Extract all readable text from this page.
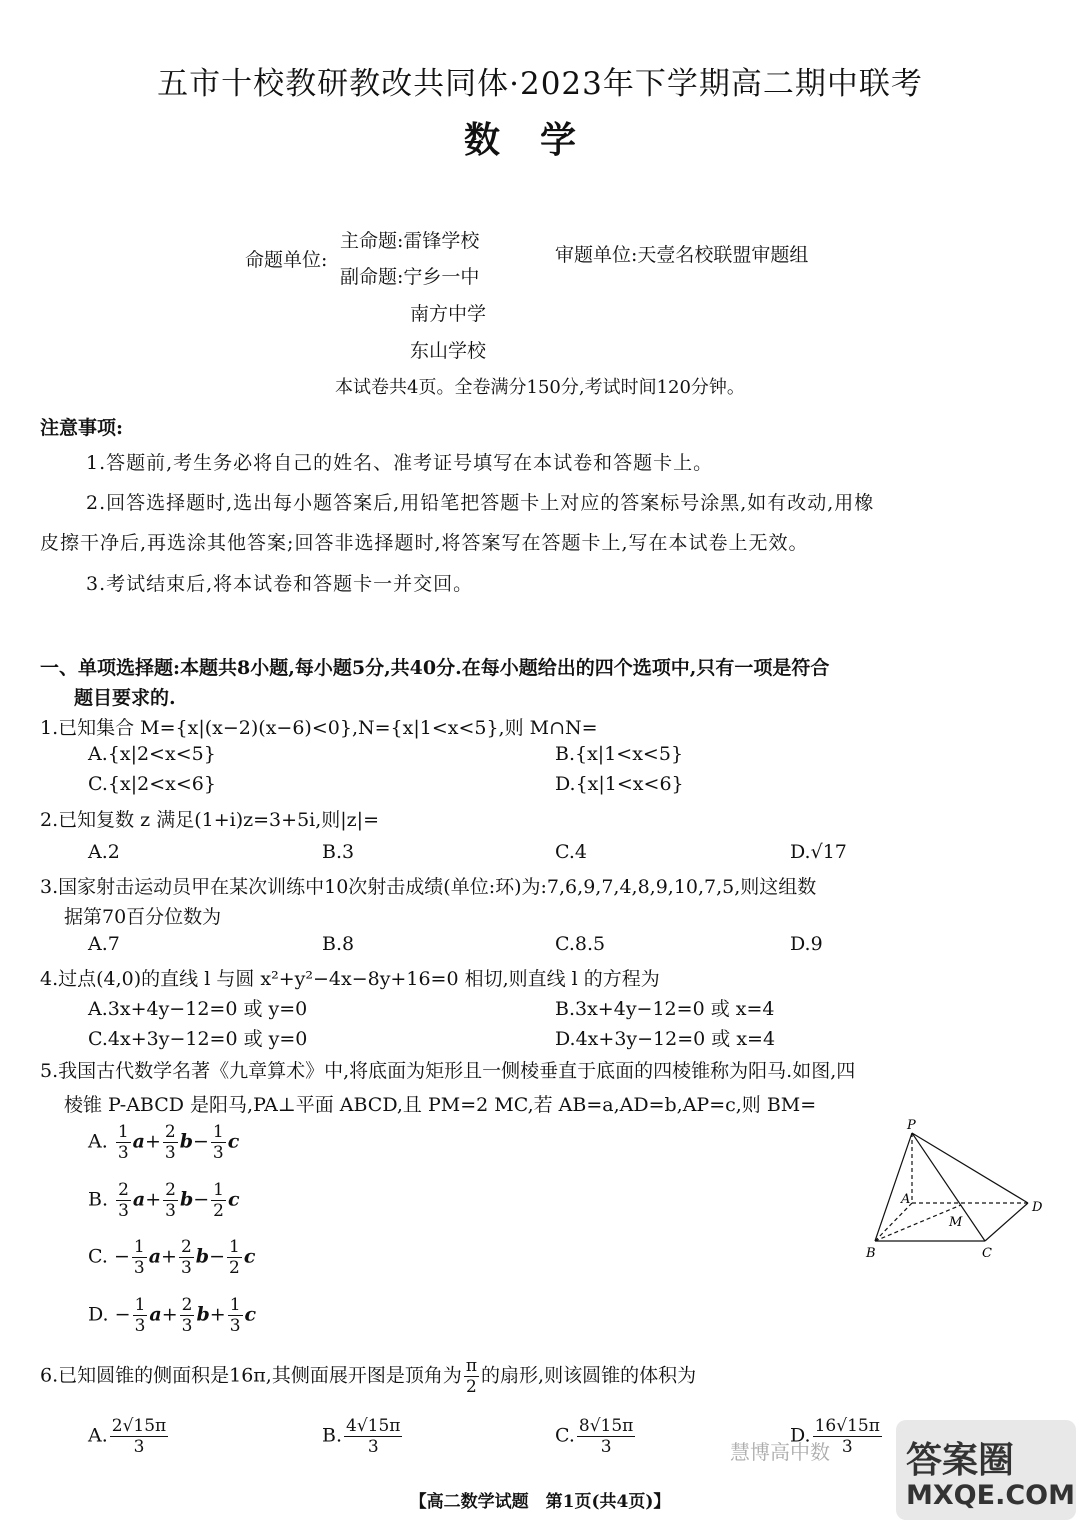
五市十校教研教改共同体·2023年下学期高二期中联考
数学
命题单位:
主命题:雷锋学校
副命题:宁乡一中
南方中学
东山学校
审题单位:天壹名校联盟审题组
本试卷共4页。全卷满分150分,考试时间120分钟。
注意事项:
1.答题前,考生务必将自己的姓名、准考证号填写在本试卷和答题卡上。
2.回答选择题时,选出每小题答案后,用铅笔把答题卡上对应的答案标号涂黑,如有改动,用橡
皮擦干净后,再选涂其他答案;回答非选择题时,将答案写在答题卡上,写在本试卷上无效。
3.考试结束后,将本试卷和答题卡一并交回。
一、单项选择题:本题共8小题,每小题5分,共40分.在每小题给出的四个选项中,只有一项是符合
题目要求的.
1.已知集合 M={x|(x−2)(x−6)<0},N={x|1<x<5},则 M∩N=
A.{x|2<x<5}	B.{x|1<x<5}
C.{x|2<x<6}	D.{x|1<x<6}
2.已知复数 z 满足(1+i)z=3+5i,则|z|=
A.2	B.3	C.4	D.√17
3.国家射击运动员甲在某次训练中10次射击成绩(单位:环)为:7,6,9,7,4,8,9,10,7,5,则这组数
据第70百分位数为
A.7	B.8	C.8.5	D.9
4.过点(4,0)的直线 l 与圆 x²+y²−4x−8y+16=0 相切,则直线 l 的方程为
A.3x+4y−12=0 或 y=0	B.3x+4y−12=0 或 x=4
C.4x+3y−12=0 或 y=0	D.4x+3y−12=0 或 x=4
5.我国古代数学名著《九章算术》中,将底面为矩形且一侧棱垂直于底面的四棱锥称为阳马.如图,四
棱锥 P-ABCD 是阳马,PA⊥平面 ABCD,且 PM=2 MC,若 AB=a,AD=b,AP=c,则 BM=
A. $\frac{1}{3} a+ \frac{2}{3} b- \frac{1}{3}$ c
B. $\frac{2}{3} a+ \frac{2}{3} b- \frac{1}{2}$ c
C. − $\frac{1}{3} a+ \frac{2}{3} b- \frac{1}{2}$ c
D. − $\frac{1}{3} a+ \frac{2}{3} b+ \frac{1}{3}$ c
P
A
B	C
D
M
6.已知圆锥的侧面积是16π,其侧面展开图是顶角为 $\frac{\pi}{2}$ 的扇形,则该圆锥的体积为
A. $\frac{2√15\pi}{3}$	B. $\frac{4√15\pi}{3}$	C. $\frac{8√15\pi}{3}$	D. $\frac{16√15\pi}{3}$
慧博高中数 答案圈
MXQE.COM
【高二数学试题　第1页(共4页)】
